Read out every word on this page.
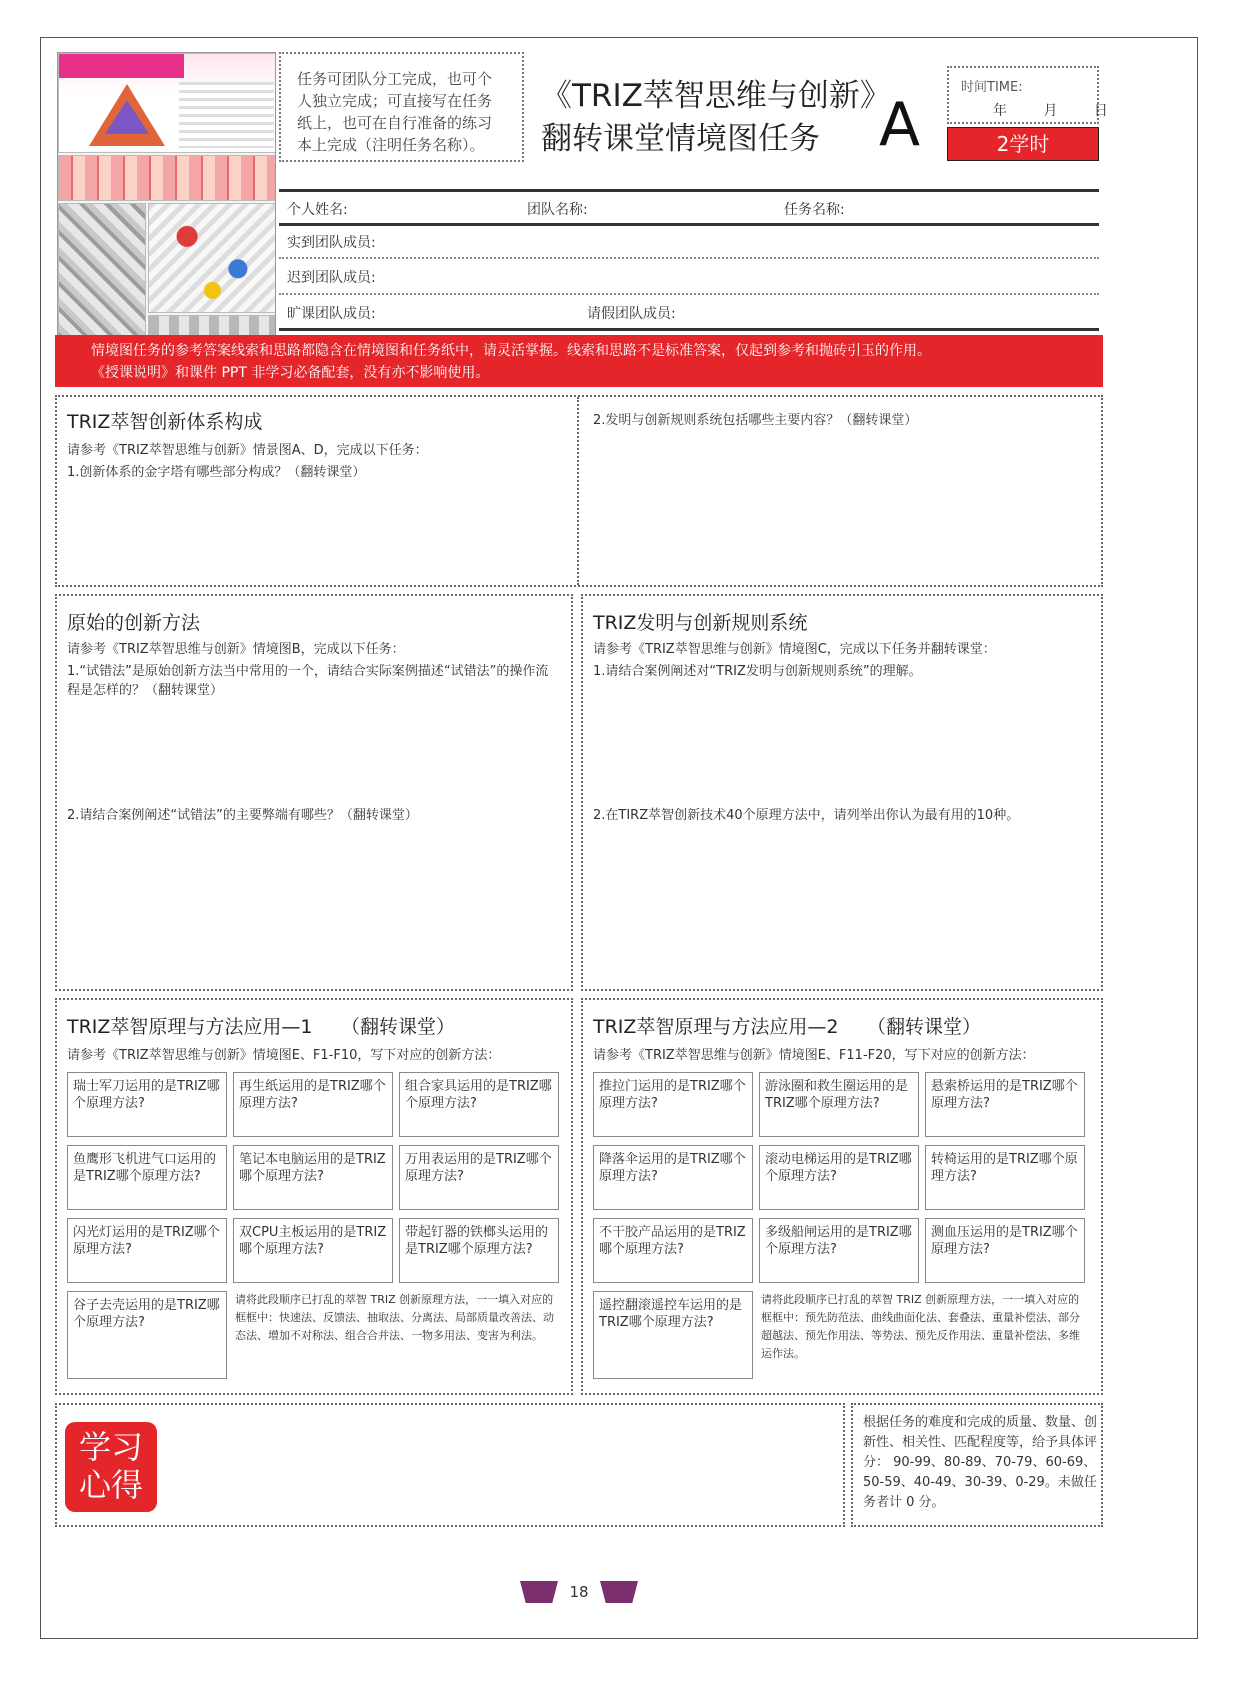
任务可团队分工完成，也可个
人独立完成；可直接写在任务
纸上，也可在自行准备的练习
本上完成（注明任务名称）。
《TRIZ萃智思维与创新》
翻转课堂情境图任务 A
时间TIME:
年 月 日
2学时
个人姓名:	团队名称:	任务名称:
实到团队成员:
迟到团队成员:
旷课团队成员:	请假团队成员:
情境图任务的参考答案线索和思路都隐含在情境图和任务纸中，请灵活掌握。线索和思路不是标准答案，仅起到参考和抛砖引玉的作用。
《授课说明》和课件 PPT 非学习必备配套，没有亦不影响使用。
TRIZ萃智创新体系构成
请参考《TRIZ萃智思维与创新》情景图A、D，完成以下任务：
1.创新体系的金字塔有哪些部分构成？（翻转课堂）
2.发明与创新规则系统包括哪些主要内容？（翻转课堂）
原始的创新方法
请参考《TRIZ萃智思维与创新》情境图B，完成以下任务：
1.“试错法”是原始创新方法当中常用的一个，请结合实际案例描述“试错法”的操作流程是怎样的？（翻转课堂）
2.请结合案例阐述“试错法”的主要弊端有哪些？（翻转课堂）
TRIZ发明与创新规则系统
请参考《TRIZ萃智思维与创新》情境图C，完成以下任务并翻转课堂：
1.请结合案例阐述对“TRIZ发明与创新规则系统”的理解。
2.在TIRZ萃智创新技术40个原理方法中，请列举出你认为最有用的10种。
TRIZ萃智原理与方法应用—1 （翻转课堂）
请参考《TRIZ萃智思维与创新》情境图E、F1-F10，写下对应的创新方法：
瑞士军刀运用的是TRIZ哪个原理方法?
再生纸运用的是TRIZ哪个原理方法?
组合家具运用的是TRIZ哪个原理方法?
鱼鹰形飞机进气口运用的是TRIZ哪个原理方法?
笔记本电脑运用的是TRIZ哪个原理方法?
万用表运用的是TRIZ哪个原理方法?
闪光灯运用的是TRIZ哪个原理方法?
双CPU主板运用的是TRIZ哪个原理方法?
带起钉器的铁榔头运用的是TRIZ哪个原理方法?
谷子去壳运用的是TRIZ哪个原理方法?
请将此段顺序已打乱的萃智 TRIZ 创新原理方法，一一填入对应的框框中：快速法、反馈法、抽取法、分离法、局部质量改善法、动态法、增加不对称法、组合合并法、一物多用法、变害为利法。
TRIZ萃智原理与方法应用—2 （翻转课堂）
请参考《TRIZ萃智思维与创新》情境图E、F11-F20，写下对应的创新方法：
推拉门运用的是TRIZ哪个原理方法?
游泳圈和救生圈运用的是TRIZ哪个原理方法?
悬索桥运用的是TRIZ哪个原理方法?
降落伞运用的是TRIZ哪个原理方法?
滚动电梯运用的是TRIZ哪个原理方法?
转椅运用的是TRIZ哪个原理方法?
不干胶产品运用的是TRIZ哪个原理方法?
多级船闸运用的是TRIZ哪个原理方法?
测血压运用的是TRIZ哪个原理方法?
遥控翻滚遥控车运用的是TRIZ哪个原理方法?
请将此段顺序已打乱的萃智 TRIZ 创新原理方法，一一填入对应的框框中：预先防范法、曲线曲面化法、套叠法、重量补偿法、部分超越法、预先作用法、等势法、预先反作用法、重量补偿法、多维运作法。
学习
心得
根据任务的难度和完成的质量、数量、创新性、相关性、匹配程度等，给予具体评分： 90-99、80-89、70-79、60-69、50-59、40-49、30-39、0-29。未做任务者计 0 分。
18
